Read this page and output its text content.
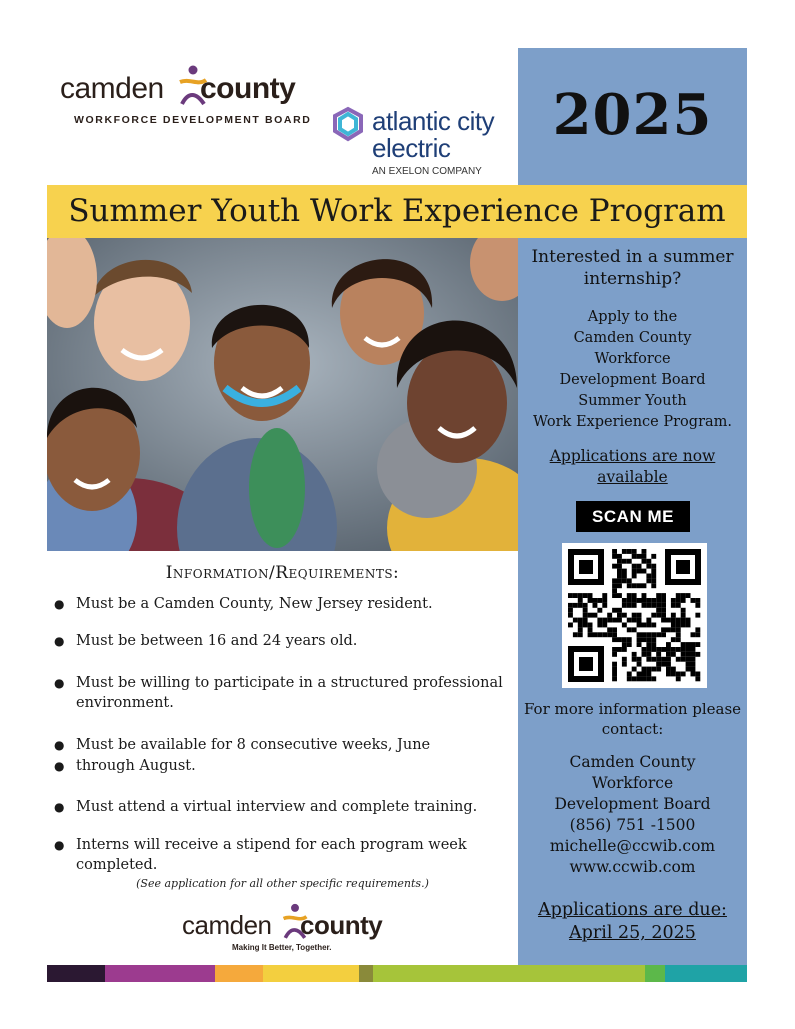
camden county
WORKFORCE DEVELOPMENT BOARD atlantic city
electric
AN EXELON COMPANY
2025
Summer Youth Work Experience Program
Interested in a summer internship?
Apply to the
Camden County
Workforce
Development Board
Summer Youth
Work Experience Program.
Applications are now available
SCAN ME
For more information please contact:
Camden County
Workforce
Development Board
(856) 751 -1500
michelle@ccwib.com
www.ccwib.com
Applications are due:
April 25, 2025
Information/Requirements:
● Must be a Camden County, New Jersey resident.
● Must be between 16 and 24 years old.
● Must be willing to participate in a structured professional environment.
● Must be available for 8 consecutive weeks, June
● through August.
● Must attend a virtual interview and complete training.
● Interns will receive a stipend for each program week completed.
(See application for all other specific requirements.)
camden county
Making It Better, Together.
